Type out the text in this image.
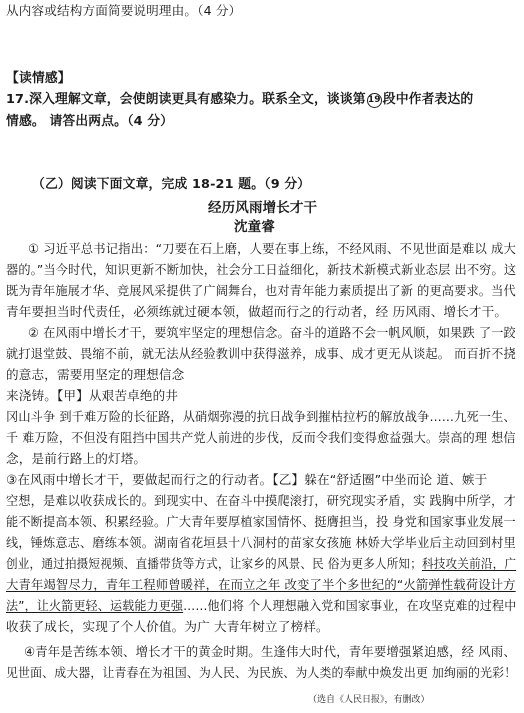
从内容或结构方面简要说明理由。（4 分）
【读情感】
17.深入理解文章，会使朗读更具有感染力。联系全文，谈谈第 19 段中作者表达的
情感。 请答出两点。（4 分）
（乙）阅读下面文章，完成 18-21 题。（9 分）
经历风雨增长才干
沈童睿
① 习近平总书记指出：“刀要在石上磨，人要在事上练，不经风雨、不见世面是难以 成大
器的。”当今时代，知识更新不断加快，社会分工日益细化，新技术新模式新业态层 出不穷。这
既为青年施展才华、竞展风采提供了广阔舞台，也对青年能力素质提出了新 的更高要求。当代
青年要担当时代责任，必须练就过硬本领，做超而行之的行动者，经 历风雨、增长才干。
② 在风雨中增长才干，要筑牢坚定的理想信念。奋斗的道路不会一帆风顺，如果跌 了一跤
就打退堂鼓、畏缩不前，就无法从经验教训中获得滋养，成事、成才更无从谈起。 而百折不挠
的意志，需要用坚定的理想信念
来浇铸。【甲】从艰苦卓绝的井
冈山斗争 到千难万险的长征路，从硝烟弥漫的抗日战争到摧枯拉朽的解放战争……九死一生、
千 难万险，不但没有阻挡中国共产党人前进的步伐，反而令我们变得愈益强大。崇高的理 想信
念，是前行路上的灯塔。
③在风雨中增长才干，要做起而行之的行动者。【乙】躲在“舒适圈”中坐而论 道、嫉于
空想，是难以收获成长的。到现实中、在奋斗中摸爬滚打，研究现实矛盾，实 践胸中所学，才
能不断提高本领、积累经验。广大青年要厚植家国情怀、挺膺担当，投 身党和国家事业发展一
线，锤炼意志、磨练本领。湖南省花垣县十八洞村的苗家女孩施 林娇大学毕业后主动回到村里
创业，通过拍摄短视频、直播带货等方式，让家乡的风景、民 俗为更多人所知；科技攻关前沿，广
大青年竭智尽力，青年工程师曾暖祥，在而立之年 改变了半个多世纪的“火箭弹性载荷设计方
法”，让火箭更轻、运载能力更强……他们将 个人理想融入党和国家事业，在攻坚克难的过程中
收获了成长，实现了个人价值。为广 大青年树立了榜样。
④青年是苦练本领、增长才干的黄金时期。生逢伟大时代，青年要增强紧迫感，经 风雨、
见世面、成大器，让青春在为祖国、为人民、为民族、为人类的奉献中焕发出更 加绚丽的光彩！
（选自《人民日报》，有删改）
